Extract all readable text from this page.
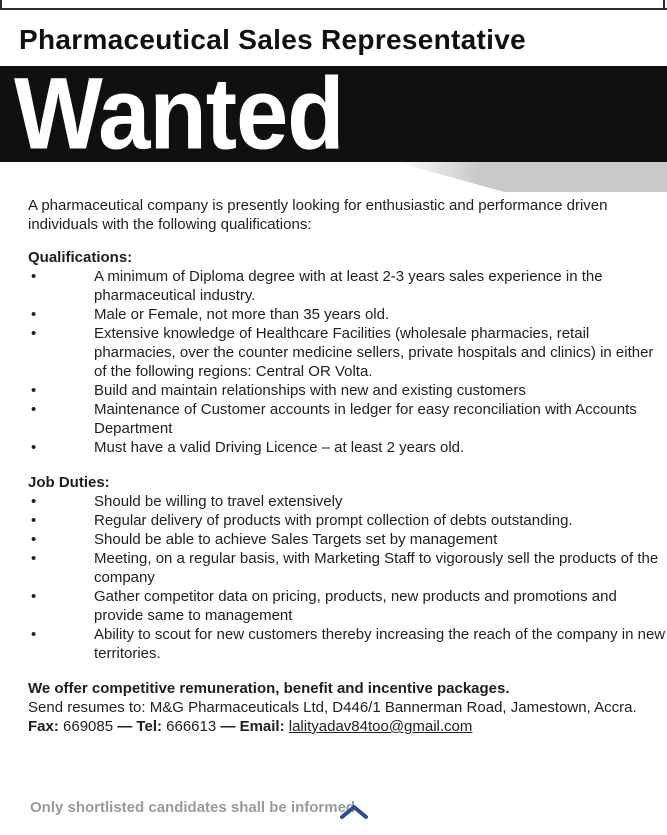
Pharmaceutical Sales Representative
Wanted

A pharmaceutical company is presently looking for enthusiastic and performance driven individuals with the following qualifications:

Qualifications:

•	A minimum of Diploma degree with at least 2-3 years sales experience in the pharmaceutical industry.
•	Male or Female, not more than 35 years old.
•	Extensive knowledge of Healthcare Facilities (wholesale pharmacies, retail pharmacies, over the counter medicine sellers, private hospitals and clinics) in either of the following regions: Central OR Volta.
•	Build and maintain relationships with new and existing customers
•	Maintenance of Customer accounts in ledger for easy reconciliation with Accounts Department
•	Must have a valid Driving Licence – at least 2 years old.

Job Duties:

•	Should be willing to travel extensively
•	Regular delivery of products with prompt collection of debts outstanding.
•	Should be able to achieve Sales Targets set by management
•	Meeting, on a regular basis, with Marketing Staff to vigorously sell the products of the company
•	Gather competitor data on pricing, products, new products and promotions and provide same to management
•	Ability to scout for new customers thereby increasing the reach of the company in new territories.

We offer competitive remuneration, benefit and incentive packages.

Send resumes to: M&G Pharmaceuticals Ltd, D446/1 Bannerman Road, Jamestown, Accra.

Fax: 669085 — Tel: 666613 — Email: lalityadav84too@gmail.com

Only shortlisted candidates shall be informed.
